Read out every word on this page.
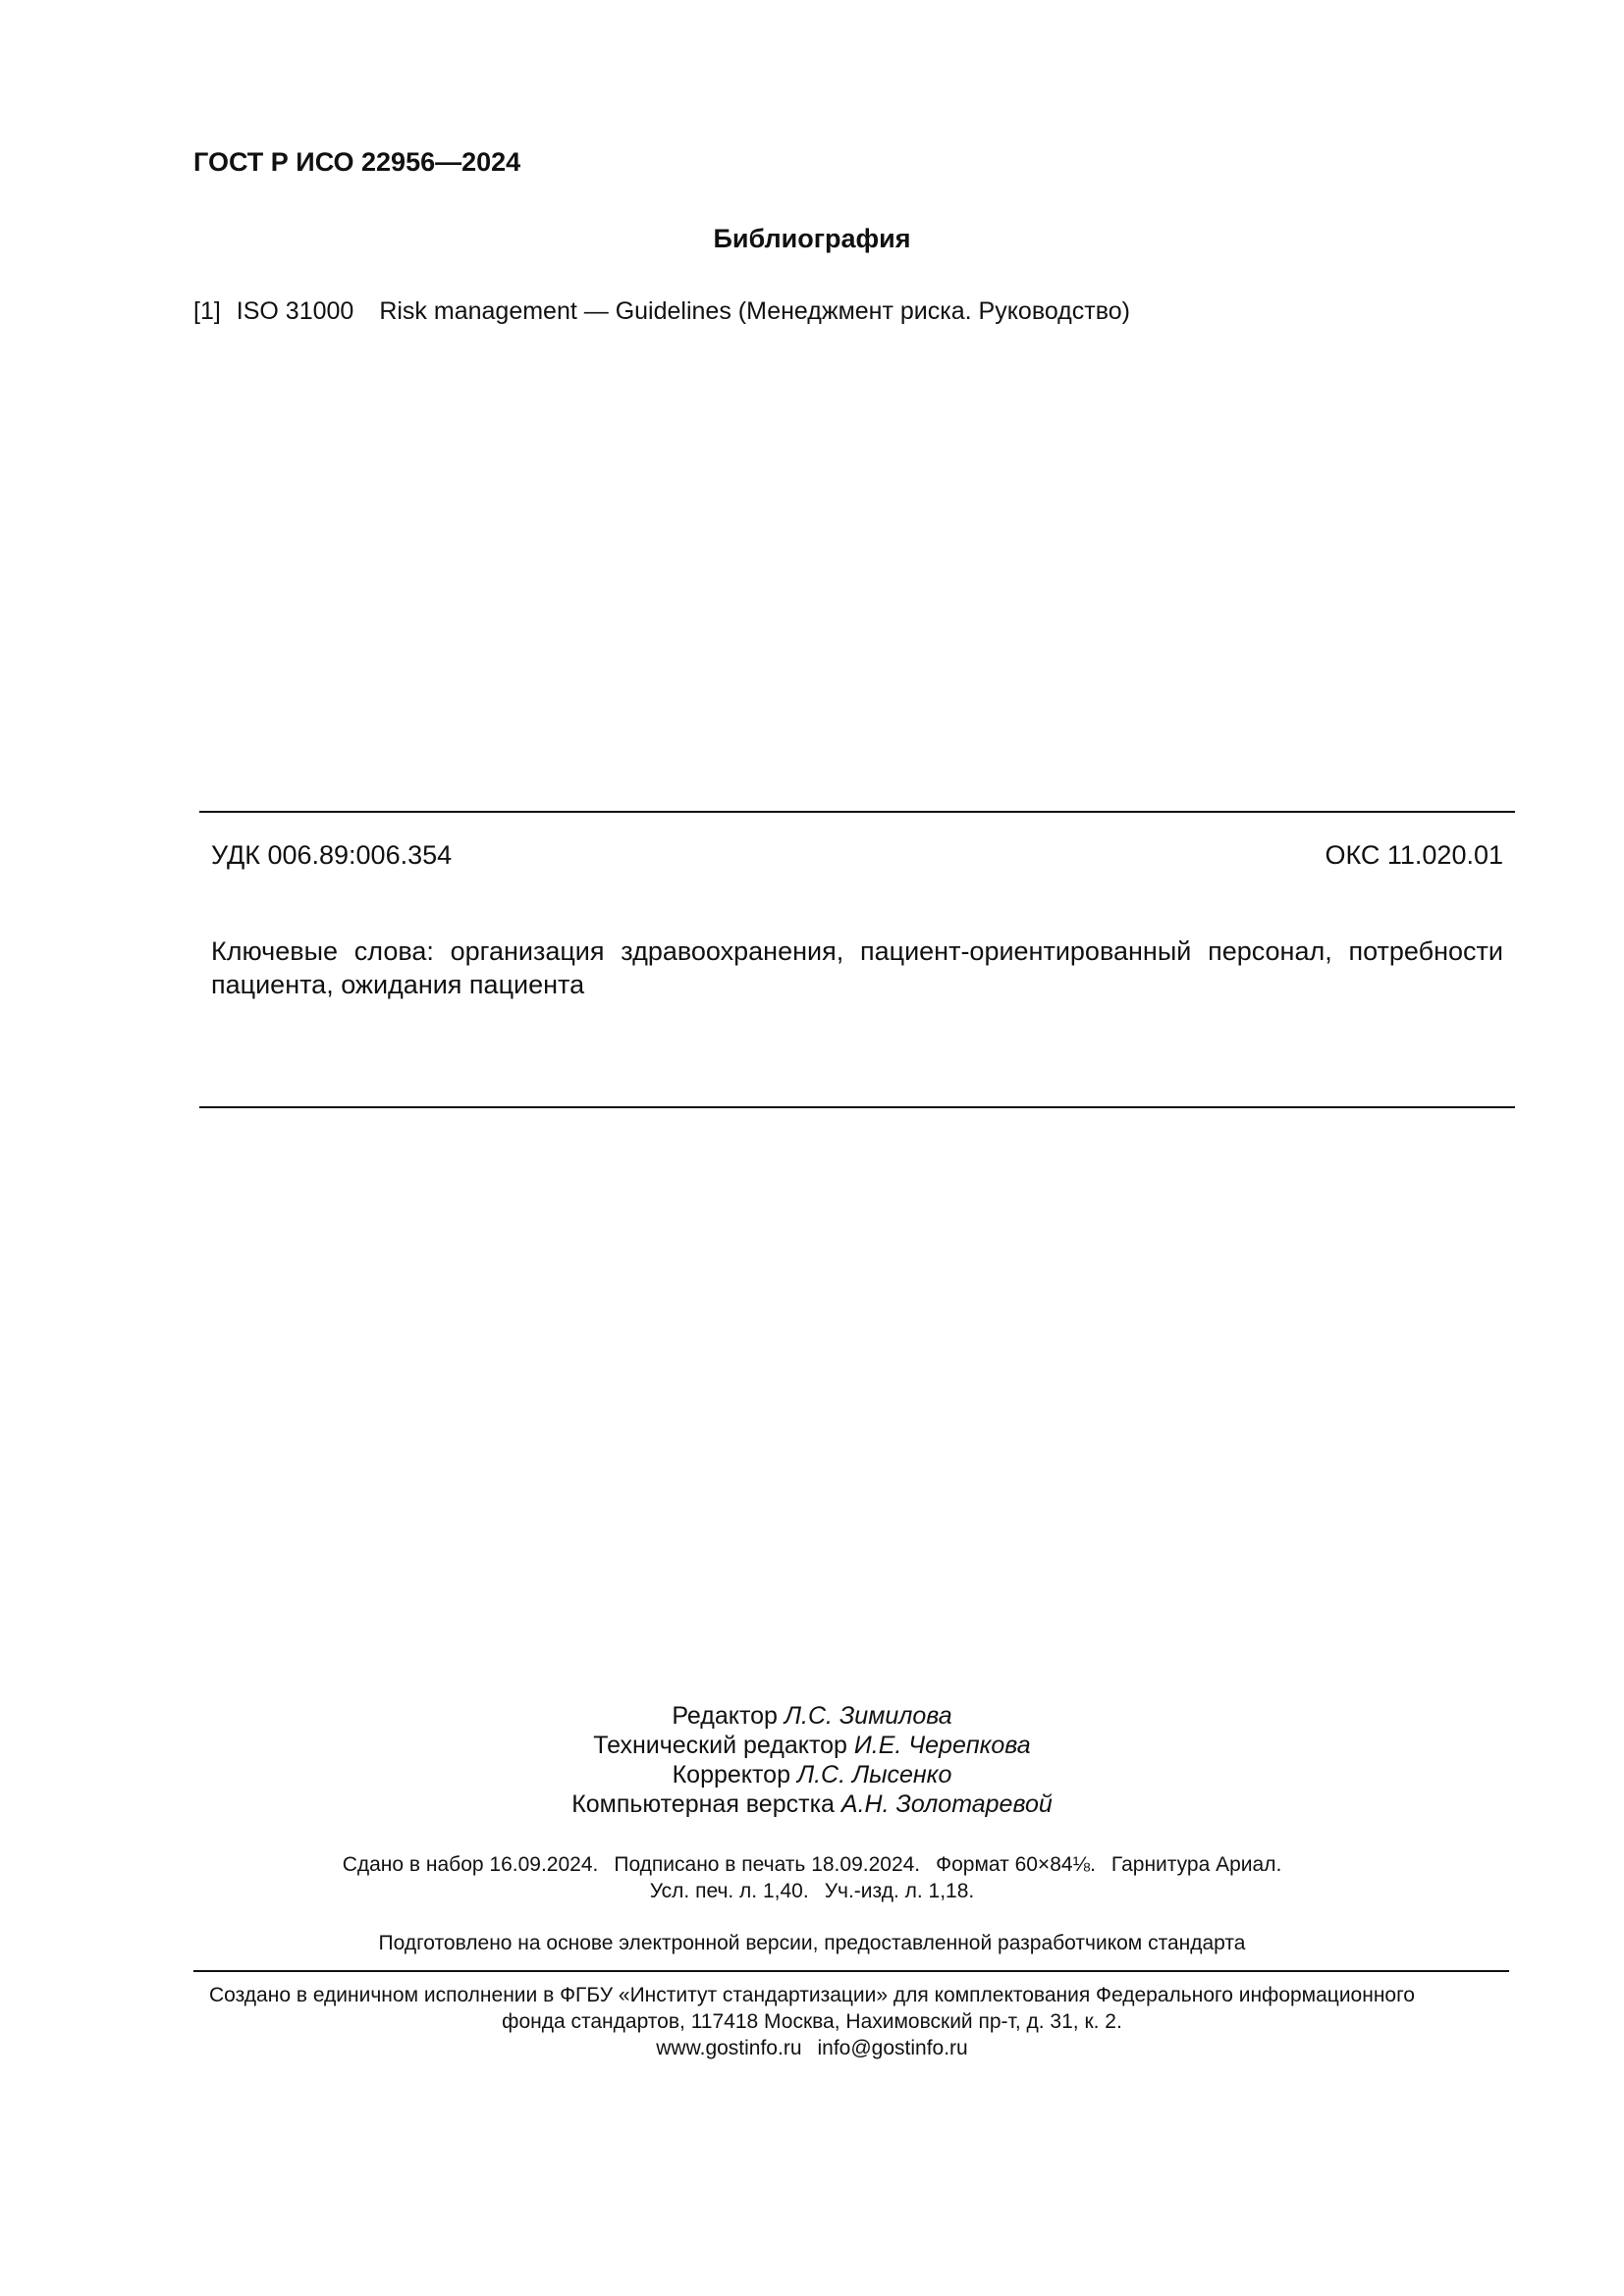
ГОСТ Р ИСО 22956—2024
Библиография
[1] ISO 31000 Risk management — Guidelines (Менеджмент риска. Руководство)
УДК 006.89:006.354	ОКС 11.020.01
Ключевые слова: организация здравоохранения, пациент-ориентированный персонал, потребности пациента, ожидания пациента
Редактор Л.С. Зимилова
Технический редактор И.Е. Черепкова
Корректор Л.С. Лысенко
Компьютерная верстка А.Н. Золотаревой
Сдано в набор 16.09.2024. Подписано в печать 18.09.2024. Формат 60×84⅛. Гарнитура Ариал.
Усл. печ. л. 1,40. Уч.-изд. л. 1,18.
Подготовлено на основе электронной версии, предоставленной разработчиком стандарта
Создано в единичном исполнении в ФГБУ «Институт стандартизации» для комплектования Федерального информационного
фонда стандартов, 117418 Москва, Нахимовский пр-т, д. 31, к. 2.
www.gostinfo.ru info@gostinfo.ru
